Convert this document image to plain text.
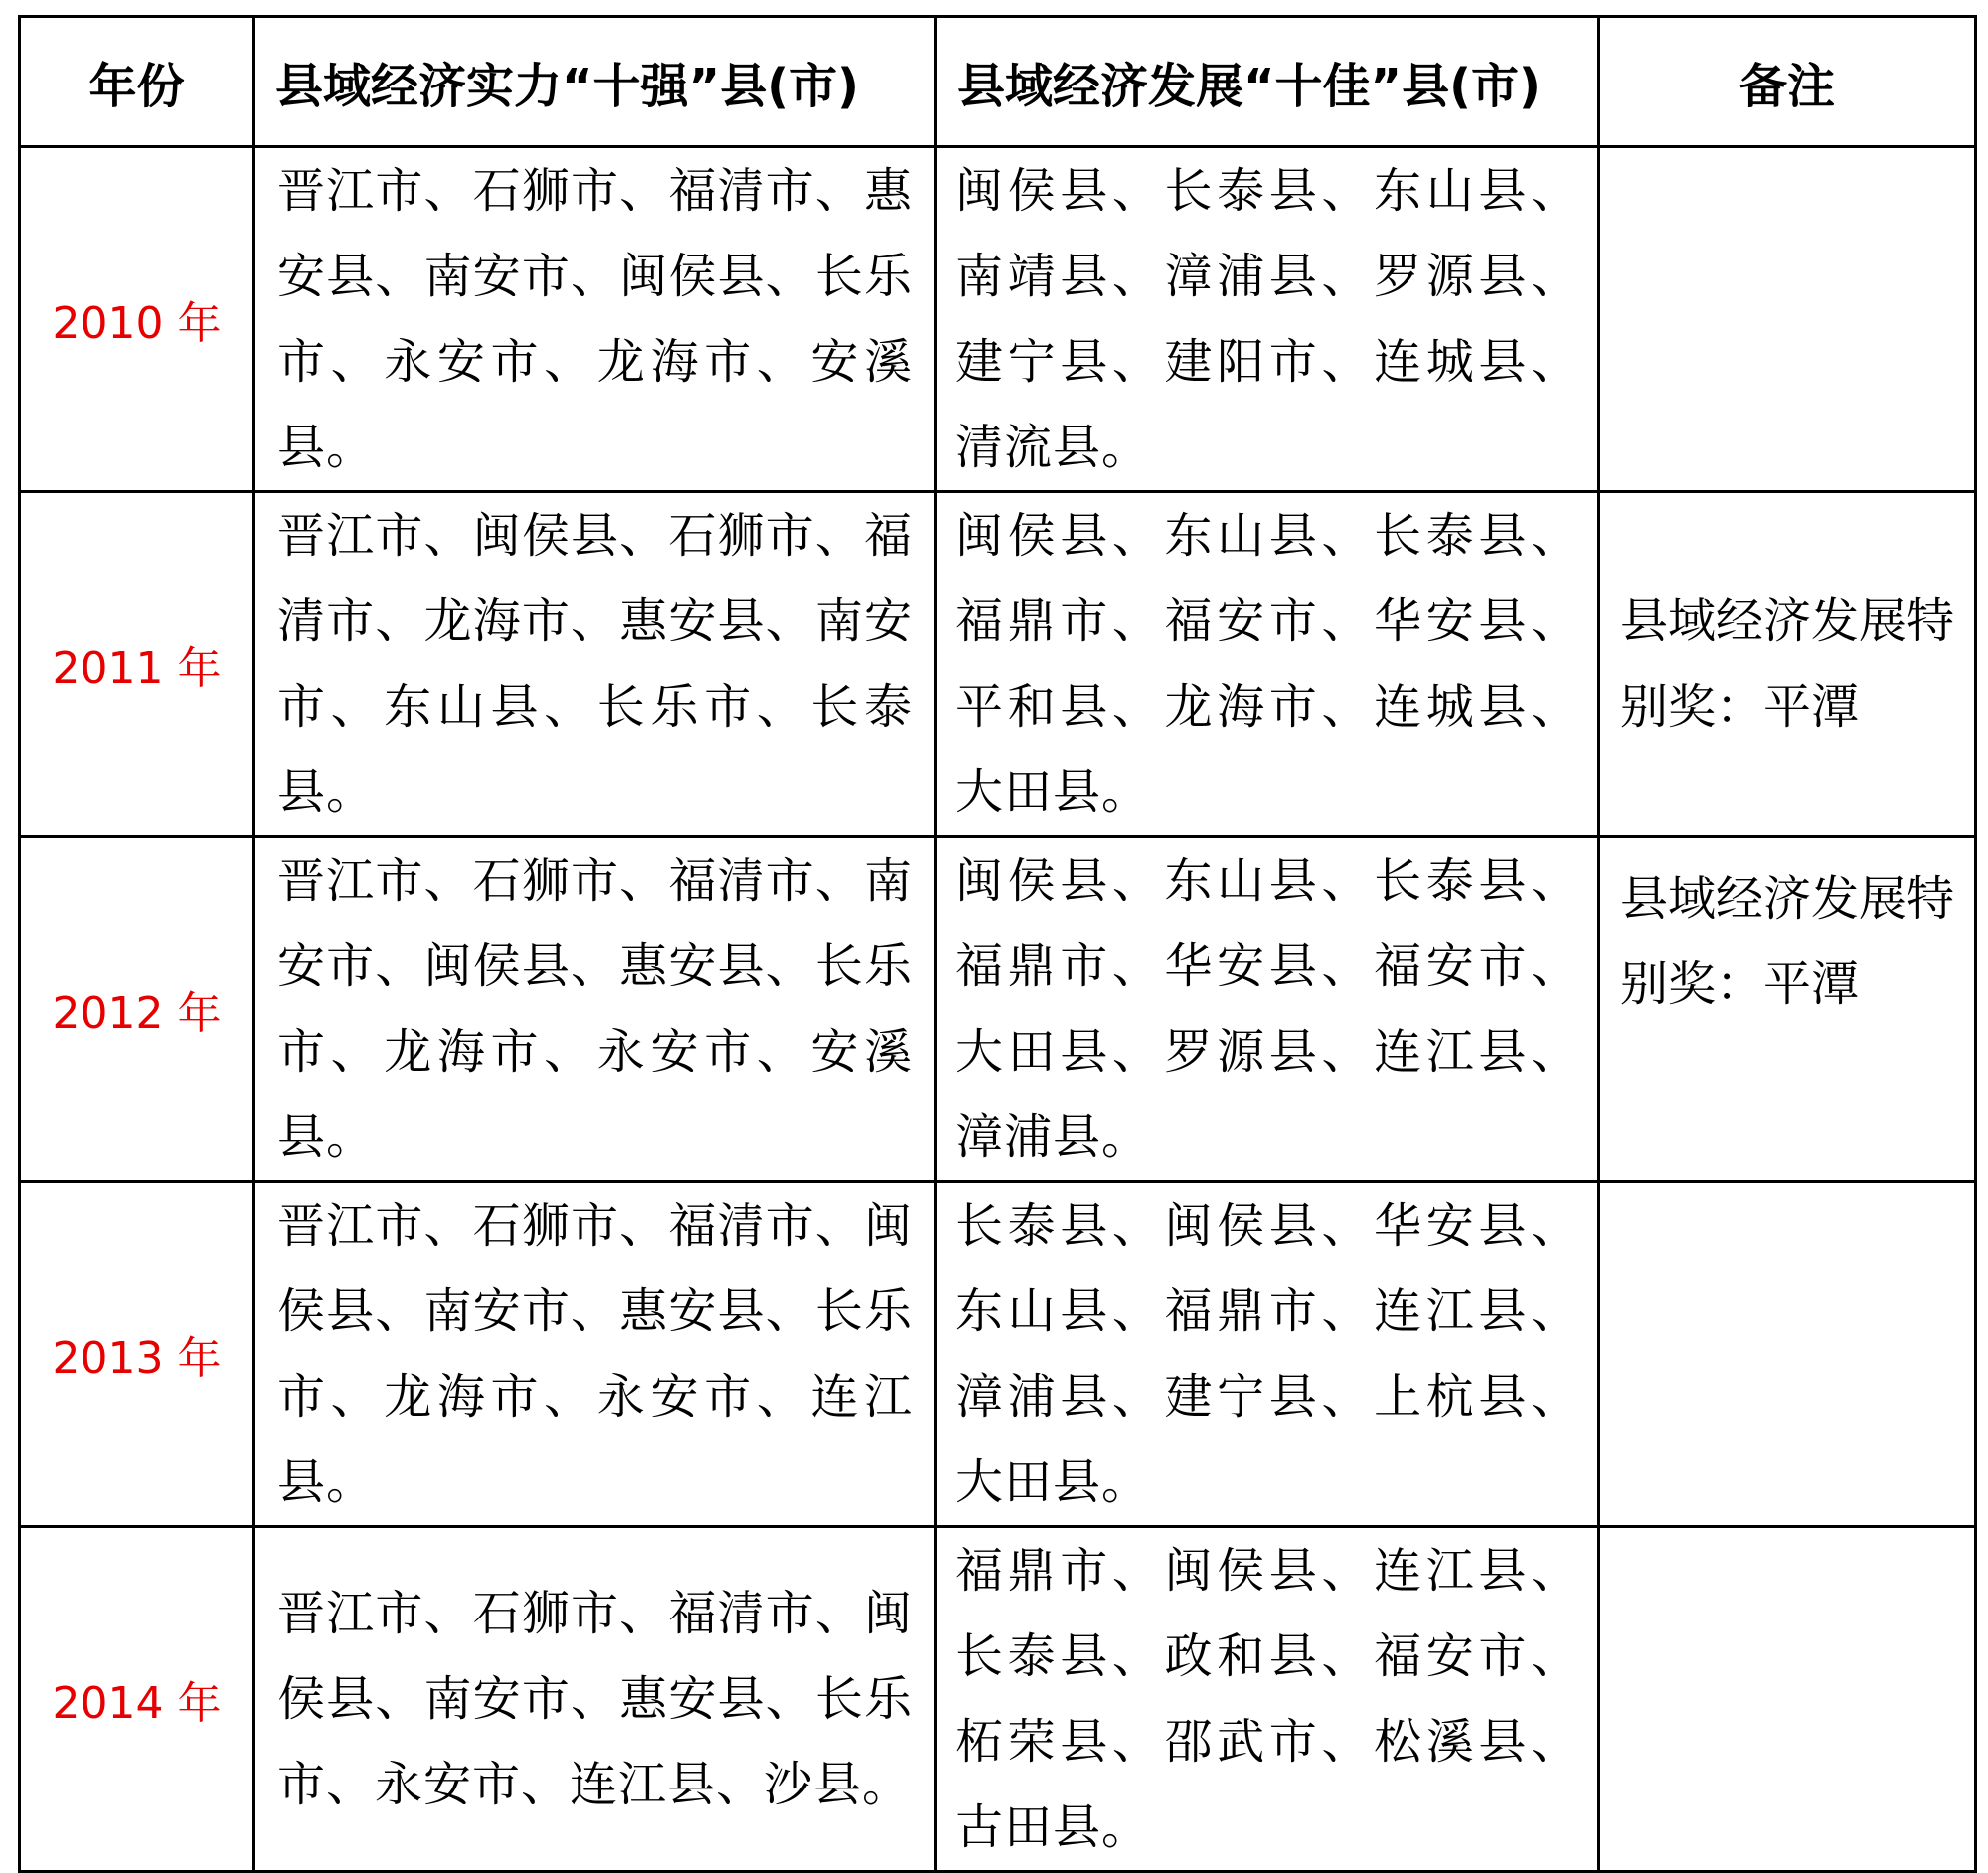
年份	县域经济实力“十强”县(市)	县域经济发展“十佳”县(市)	备注
2010 年	晋江市、石狮市、福清市、惠安县、南安市、闽侯县、长乐市、永安市、龙海市、安溪县。	闽侯县、长泰县、东山县、南靖县、漳浦县、罗源县、建宁县、建阳市、连城县、清流县。	
2011 年	晋江市、闽侯县、石狮市、福清市、龙海市、惠安县、南安市、东山县、长乐市、长泰县。	闽侯县、东山县、长泰县、福鼎市、福安市、华安县、平和县、龙海市、连城县、大田县。	县域经济发展特别奖：平潭
2012 年	晋江市、石狮市、福清市、南安市、闽侯县、惠安县、长乐市、龙海市、永安市、安溪县。	闽侯县、东山县、长泰县、福鼎市、华安县、福安市、大田县、罗源县、连江县、漳浦县。	县域经济发展特别奖：平潭
2013 年	晋江市、石狮市、福清市、闽侯县、南安市、惠安县、长乐市、龙海市、永安市、连江县。	长泰县、闽侯县、华安县、东山县、福鼎市、连江县、漳浦县、建宁县、上杭县、大田县。	
2014 年	晋江市、石狮市、福清市、闽侯县、南安市、惠安县、长乐市、永安市、连江县、沙县。	福鼎市、闽侯县、连江县、长泰县、政和县、福安市、柘荣县、邵武市、松溪县、古田县。	
